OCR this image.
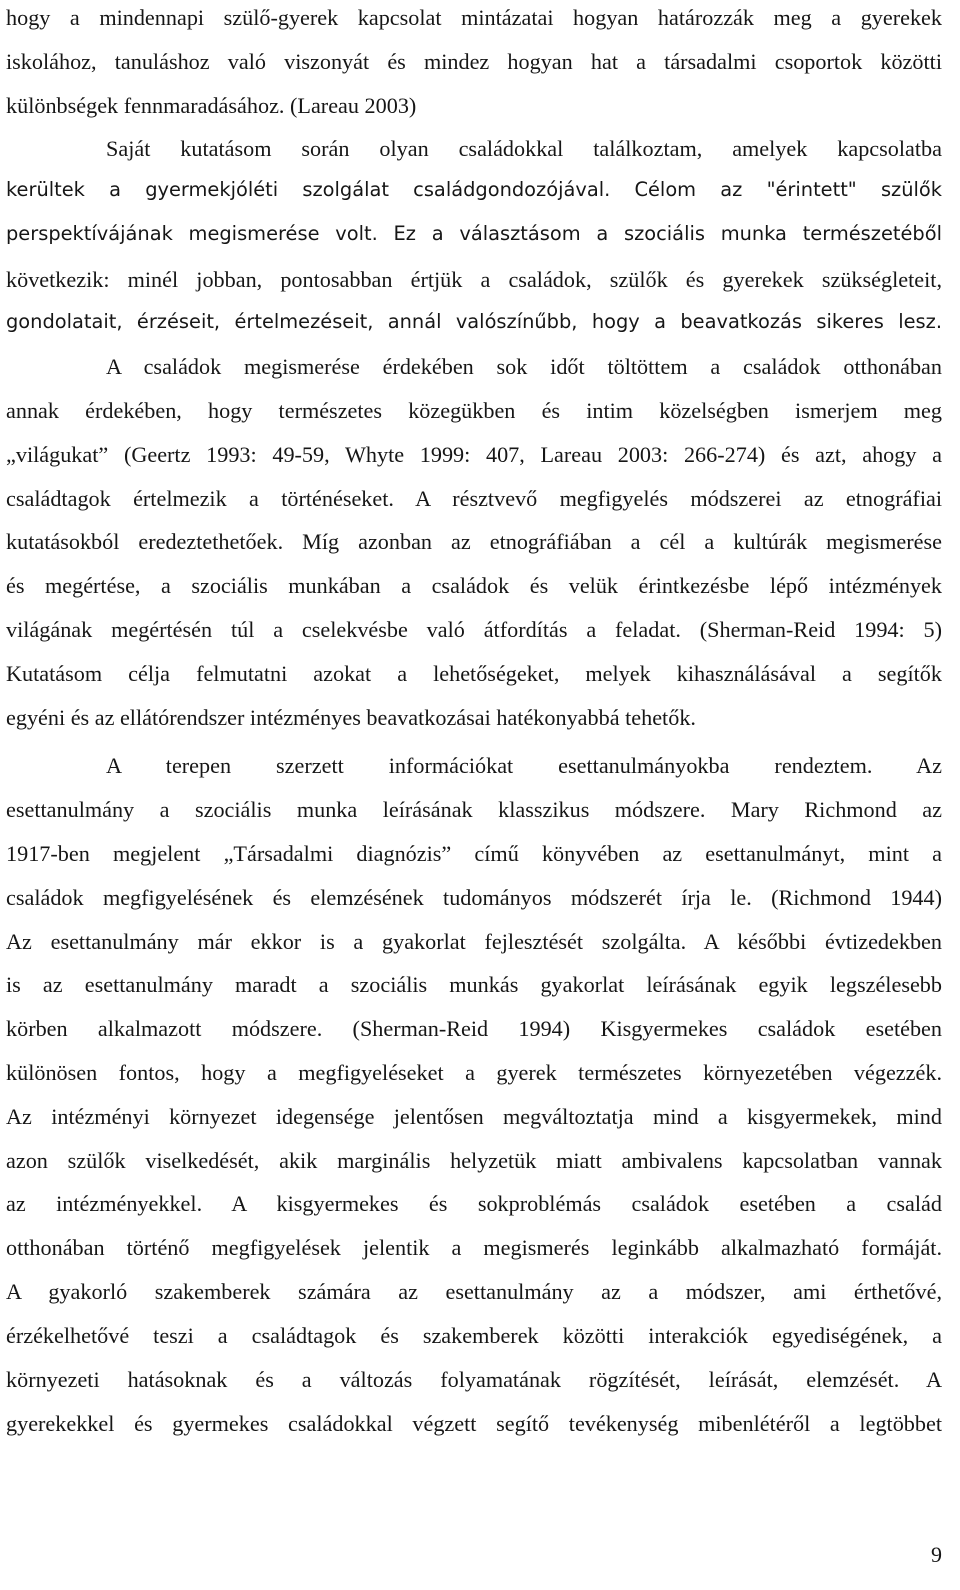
hogy a mindennapi szülő-gyerek kapcsolat mintázatai hogyan határozzák meg a gyerekek
iskolához, tanuláshoz való viszonyát és mindez hogyan hat a társadalmi csoportok közötti
különbségek fennmaradásához. (Lareau 2003)
Saját kutatásom során olyan családokkal találkoztam, amelyek kapcsolatba
kerültek a gyermekjóléti szolgálat családgondozójával. Célom az "érintett" szülők
perspektívájának megismerése volt. Ez a választásom a szociális munka természetéből
következik: minél jobban, pontosabban értjük a családok, szülők és gyerekek szükségleteit,
gondolatait, érzéseit, értelmezéseit, annál valószínűbb, hogy a beavatkozás sikeres lesz.
A családok megismerése érdekében sok időt töltöttem a családok otthonában
annak érdekében, hogy természetes közegükben és intim közelségben ismerjem meg
„világukat” (Geertz 1993: 49-59, Whyte 1999: 407, Lareau 2003: 266-274) és azt, ahogy a
családtagok értelmezik a történéseket. A résztvevő megfigyelés módszerei az etnográfiai
kutatásokból eredeztethetőek. Míg azonban az etnográfiában a cél a kultúrák megismerése
és megértése, a szociális munkában a családok és velük érintkezésbe lépő intézmények
világának megértésén túl a cselekvésbe való átfordítás a feladat. (Sherman-Reid 1994: 5)
Kutatásom célja felmutatni azokat a lehetőségeket, melyek kihasználásával a segítők
egyéni és az ellátórendszer intézményes beavatkozásai hatékonyabbá tehetők.
A terepen szerzett információkat esettanulmányokba rendeztem. Az
esettanulmány a szociális munka leírásának klasszikus módszere. Mary Richmond az
1917-ben megjelent „Társadalmi diagnózis” című könyvében az esettanulmányt, mint a
családok megfigyelésének és elemzésének tudományos módszerét írja le. (Richmond 1944)
Az esettanulmány már ekkor is a gyakorlat fejlesztését szolgálta. A későbbi évtizedekben
is az esettanulmány maradt a szociális munkás gyakorlat leírásának egyik legszélesebb
körben alkalmazott módszere. (Sherman-Reid 1994) Kisgyermekes családok esetében
különösen fontos, hogy a megfigyeléseket a gyerek természetes környezetében végezzék.
Az intézményi környezet idegensége jelentősen megváltoztatja mind a kisgyermekek, mind
azon szülők viselkedését, akik marginális helyzetük miatt ambivalens kapcsolatban vannak
az intézményekkel. A kisgyermekes és sokproblémás családok esetében a család
otthonában történő megfigyelések jelentik a megismerés leginkább alkalmazható formáját.
A gyakorló szakemberek számára az esettanulmány az a módszer, ami érthetővé,
érzékelhetővé teszi a családtagok és szakemberek közötti interakciók egyediségének, a
környezeti hatásoknak és a változás folyamatának rögzítését, leírását, elemzését. A
gyerekekkel és gyermekes családokkal végzett segítő tevékenység mibenlétéről a legtöbbet
9
